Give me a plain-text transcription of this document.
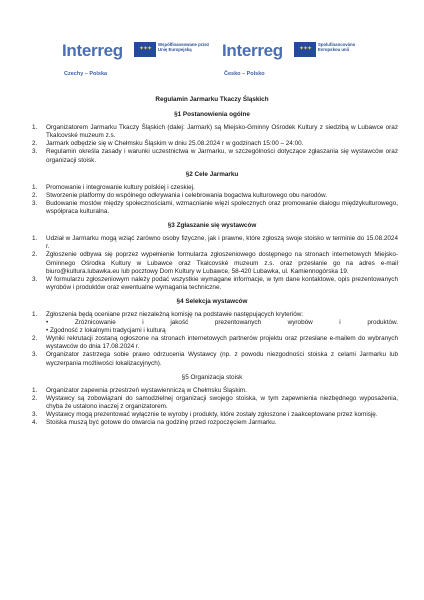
Interreg	✦✦✦
Współfinansowane przez Unię Europejską
Czechy – Polska
Interreg	✦✦✦
Spolufinancováno Evropskou unií
Česko – Polsko
Regulamin Jarmarku Tkaczy Śląskich
§1 Postanowienia ogólne
1. Organizatorem Jarmarku Tkaczy Śląskich (dalej: Jarmark) są Miejsko-Gminny Ośrodek Kultury z siedzibą w Lubawce oraz Tkalcovské muzeum z.s.
2. Jarmark odbędzie się w Chełmsku Śląskim w dniu 25.08.2024 r w godzinach 15:00 – 24:00.
3. Regulamin określa zasady i warunki uczestnictwa w Jarmarku, w szczególności dotyczące zgłaszania się wystawców oraz organizacji stoisk.
§2 Cele Jarmarku
1. Promowanie i integrowanie kultury polskiej i czeskiej.
2. Stworzenie platformy do wspólnego odkrywania i celebrowania bogactwa kulturowego obu narodów.
3. Budowanie mostów między społecznościami, wzmacnianie więzi społecznych oraz promowanie dialogu międzykulturowego, współpraca kulturalna.
§3 Zgłaszanie się wystawców
1. Udział w Jarmarku mogą wziąć zarówno osoby fizyczne, jak i prawne, które zgłoszą swoje stoisko w terminie do 15.08.2024 r.
2. Zgłoszenie odbywa się poprzez wypełnienie formularza zgłoszeniowego dostępnego na stronach internetowych Miejsko-Gminnego Ośrodka Kultury w Lubawce oraz Tkalcovské muzeum z.s. oraz przesłanie go na adres e-mail biuro@kultura.lubawka.eu lub pocztowy Dom Kultury w Lubawce, 58-420 Lubawka, ul. Kamiennogórska 19.
3. W formularzu zgłoszeniowym należy podać wszystkie wymagane informacje, w tym dane kontaktowe, opis prezentowanych wyrobów i produktów oraz ewentualne wymagania techniczne.
§4 Selekcja wystawców
1. Zgłoszenia będą oceniane przez niezależną komisję na podstawie następujących kryteriów:
• Zróżnicowanie i jakość prezentowanych wyrobów i produktów.
• Zgodność z lokalnymi tradycjami i kulturą
2. Wyniki rekrutacji zostaną ogłoszone na stronach internetowych partnerów projektu oraz przesłane e-mailem do wybranych wystawców do dnia 17.08.2024 r.
3. Organizator zastrzega sobie prawo odrzucenia Wystawcy (np. z powodu niezgodności stoiska z celami Jarmarku lub wyczerpania możliwości lokalizacyjnych).
§5 Organizacja stoisk
1. Organizator zapewnia przestrzeń wystawienniczą w Chełmsku Śląskim.
2. Wystawcy są zobowiązani do samodzielnej organizacji swojego stoiska, w tym zapewnienia niezbędnego wyposażenia, chyba że ustalono inaczej z organizatorem.
3. Wystawcy mogą prezentować wyłącznie te wyroby i produkty, które zostały zgłoszone i zaakceptowane przez komisję.
4. Stoiska muszą być gotowe do otwarcia na godzinę przed rozpoczęciem Jarmarku.
